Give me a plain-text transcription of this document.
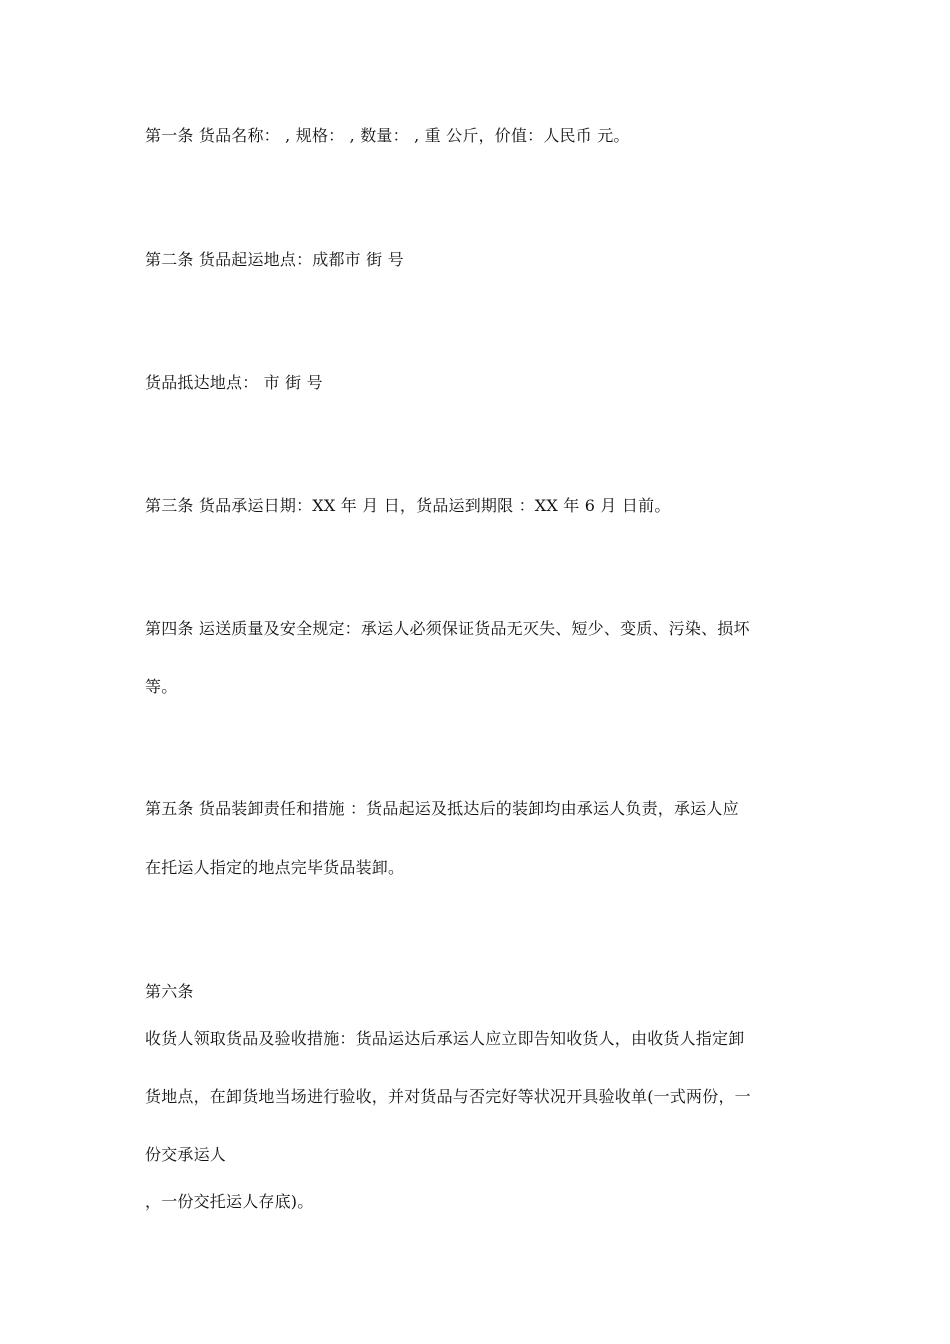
第一条 货品名称： , 规格： , 数量： , 重 公斤，价值：人民币 元。
第二条 货品起运地点：成都市 街 号
货品抵达地点： 市 街 号
第三条 货品承运日期：XX 年 月 日，货品运到期限 ：XX 年 6 月 日前。
第四条 运送质量及安全规定：承运人必须保证货品无灭失、短少、变质、污染、损坏
等。
第五条 货品装卸责任和措施 ：货品起运及抵达后的装卸均由承运人负责，承运人应
在托运人指定的地点完毕货品装卸。
第六条
收货人领取货品及验收措施：货品运达后承运人应立即告知收货人，由收货人指定卸
货地点，在卸货地当场进行验收，并对货品与否完好等状况开具验收单(一式两份，一
份交承运人
，一份交托运人存底)。
